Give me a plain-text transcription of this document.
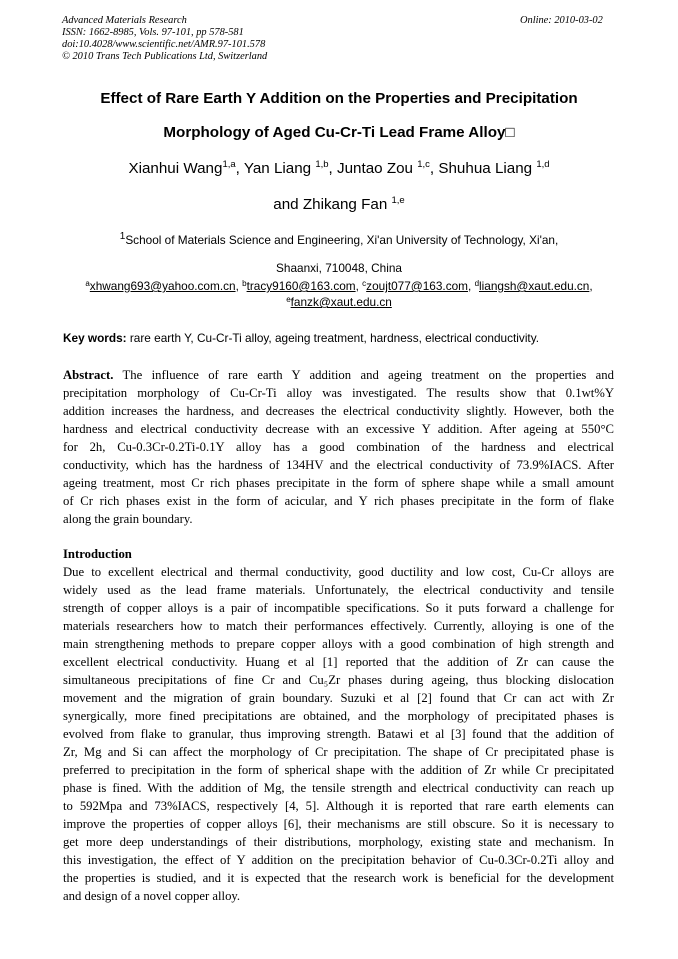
Advanced Materials Research
ISSN: 1662-8985, Vols. 97-101, pp 578-581
doi:10.4028/www.scientific.net/AMR.97-101.578
© 2010 Trans Tech Publications Ltd, Switzerland
Online: 2010-03-02
Effect of Rare Earth Y Addition on the Properties and Precipitation
Morphology of Aged Cu-Cr-Ti Lead Frame Alloy□
Xianhui Wang$^{1,a}$, Yan Liang $^{1,b}$, Juntao Zou $^{1,c}$, Shuhua Liang $^{1,d}$
and Zhikang Fan $^{1,e}$
$^1$School of Materials Science and Engineering, Xi'an University of Technology, Xi'an,
Shaanxi, 710048, China
$^a$xhwang693@yahoo.com.cn, $^b$tracy9160@163.com, $^c$zoujt077@163.com, $^d$liangsh@xaut.edu.cn,
$^e$fanzk@xaut.edu.cn
Key words: rare earth Y, Cu-Cr-Ti alloy, ageing treatment, hardness, electrical conductivity.
Abstract. The influence of rare earth Y addition and ageing treatment on the properties and
precipitation morphology of Cu-Cr-Ti alloy was investigated. The results show that 0.1wt%Y
addition increases the hardness, and decreases the electrical conductivity slightly. However, both the
hardness and electrical conductivity decrease with an excessive Y addition. After ageing at 550°C
for 2h, Cu-0.3Cr-0.2Ti-0.1Y alloy has a good combination of the hardness and electrical
conductivity, which has the hardness of 134HV and the electrical conductivity of 73.9%IACS. After
ageing treatment, most Cr rich phases precipitate in the form of sphere shape while a small amount
of Cr rich phases exist in the form of acicular, and Y rich phases precipitate in the form of flake
along the grain boundary.
Introduction
Due to excellent electrical and thermal conductivity, good ductility and low cost, Cu-Cr alloys are
widely used as the lead frame materials. Unfortunately, the electrical conductivity and tensile
strength of copper alloys is a pair of incompatible specifications. So it puts forward a challenge for
materials researchers how to match their performances effectively. Currently, alloying is one of the
main strengthening methods to prepare copper alloys with a good combination of high strength and
excellent electrical conductivity. Huang et al [1] reported that the addition of Zr can cause the
simultaneous precipitations of fine Cr and Cu₅Zr phases during ageing, thus blocking dislocation
movement and the migration of grain boundary. Suzuki et al [2] found that Cr can act with Zr
synergically, more fined precipitations are obtained, and the morphology of precipitated phases is
evolved from flake to granular, thus improving strength. Batawi et al [3] found that the addition of
Zr, Mg and Si can affect the morphology of Cr precipitation. The shape of Cr precipitated phase is
preferred to precipitation in the form of spherical shape with the addition of Zr while Cr precipitated
phase is fined. With the addition of Mg, the tensile strength and electrical conductivity can reach up
to 592Mpa and 73%IACS, respectively [4, 5]. Although it is reported that rare earth elements can
improve the properties of copper alloys [6], their mechanisms are still obscure. So it is necessary to
get more deep understandings of their distributions, morphology, existing state and mechanism. In
this investigation, the effect of Y addition on the precipitation behavior of Cu-0.3Cr-0.2Ti alloy and
the properties is studied, and it is expected that the research work is beneficial for the development
and design of a novel copper alloy.
